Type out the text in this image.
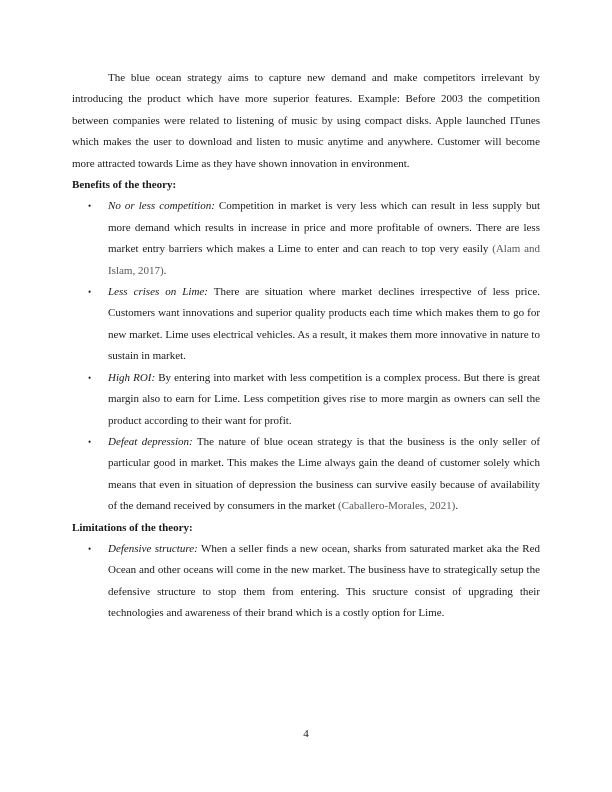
The blue ocean strategy aims to capture new demand and make competitors irrelevant by introducing the product which have more superior features. Example: Before 2003 the competition between companies were related to listening of music by using compact disks. Apple launched ITunes which makes the user to download and listen to music anytime and anywhere. Customer will become more attracted towards Lime as they have shown innovation in environment.

Benefits of the theory:
• No or less competition: Competition in market is very less which can result in less supply but more demand which results in increase in price and more profitable of owners. There are less market entry barriers which makes a Lime to enter and can reach to top very easily (Alam and Islam, 2017).
• Less crises on Lime: There are situation where market declines irrespective of less price. Customers want innovations and superior quality products each time which makes them to go for new market. Lime uses electrical vehicles. As a result, it makes them more innovative in nature to sustain in market.
• High ROI: By entering into market with less competition is a complex process. But there is great margin also to earn for Lime. Less competition gives rise to more margin as owners can sell the product according to their want for profit.
• Defeat depression: The nature of blue ocean strategy is that the business is the only seller of particular good in market. This makes the Lime always gain the deand of customer solely which means that even in situation of depression the business can survive easily because of availability of the demand received by consumers in the market (Caballero-Morales, 2021).
Limitations of the theory:
• Defensive structure: When a seller finds a new ocean, sharks from saturated market aka the Red Ocean and other oceans will come in the new market. The business have to strategically setup the defensive structure to stop them from entering. This sructure consist of upgrading their technologies and awareness of their brand which is a costly option for Lime.
4
